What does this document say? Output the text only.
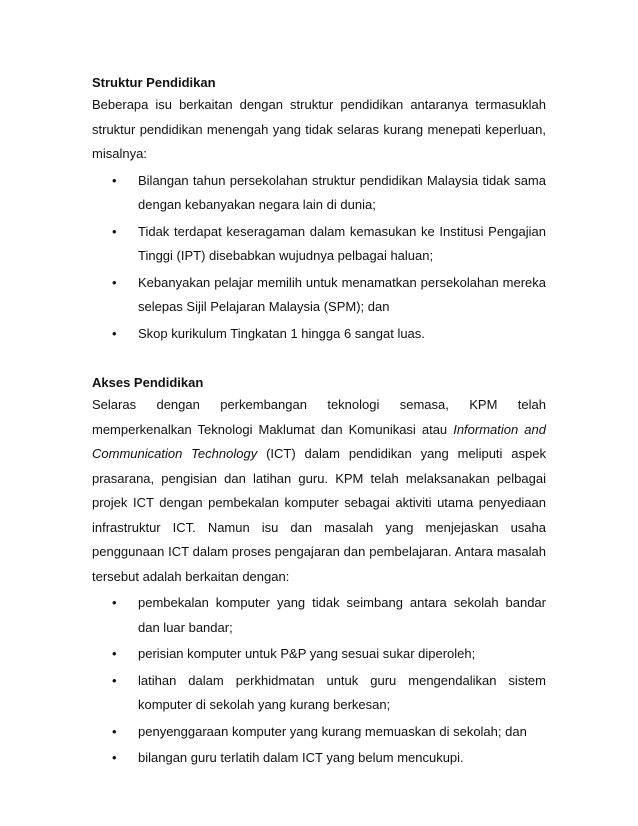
Struktur Pendidikan

Beberapa isu berkaitan dengan struktur pendidikan antaranya termasuklah struktur pendidikan menengah yang tidak selaras kurang menepati keperluan, misalnya:

•	Bilangan tahun persekolahan struktur pendidikan Malaysia tidak sama dengan kebanyakan negara lain di dunia;
•	Tidak terdapat keseragaman dalam kemasukan ke Institusi Pengajian Tinggi (IPT) disebabkan wujudnya pelbagai haluan;
•	Kebanyakan pelajar memilih untuk menamatkan persekolahan mereka selepas Sijil Pelajaran Malaysia (SPM); dan
•	Skop kurikulum Tingkatan 1 hingga 6 sangat luas.

Akses Pendidikan

Selaras dengan perkembangan teknologi semasa, KPM telah memperkenalkan Teknologi Maklumat dan Komunikasi atau Information and Communication Technology (ICT) dalam pendidikan yang meliputi aspek prasarana, pengisian dan latihan guru. KPM telah melaksanakan pelbagai projek ICT dengan pembekalan komputer sebagai aktiviti utama penyediaan infrastruktur ICT. Namun isu dan masalah yang menjejaskan usaha penggunaan ICT dalam proses pengajaran dan pembelajaran. Antara masalah tersebut adalah berkaitan dengan:

•	pembekalan komputer yang tidak seimbang antara sekolah bandar dan luar bandar;
•	perisian komputer untuk P&P yang sesuai sukar diperoleh;
•	latihan dalam perkhidmatan untuk guru mengendalikan sistem komputer di sekolah yang kurang berkesan;
•	penyenggaraan komputer yang kurang memuaskan di sekolah; dan
•	bilangan guru terlatih dalam ICT yang belum mencukupi.
